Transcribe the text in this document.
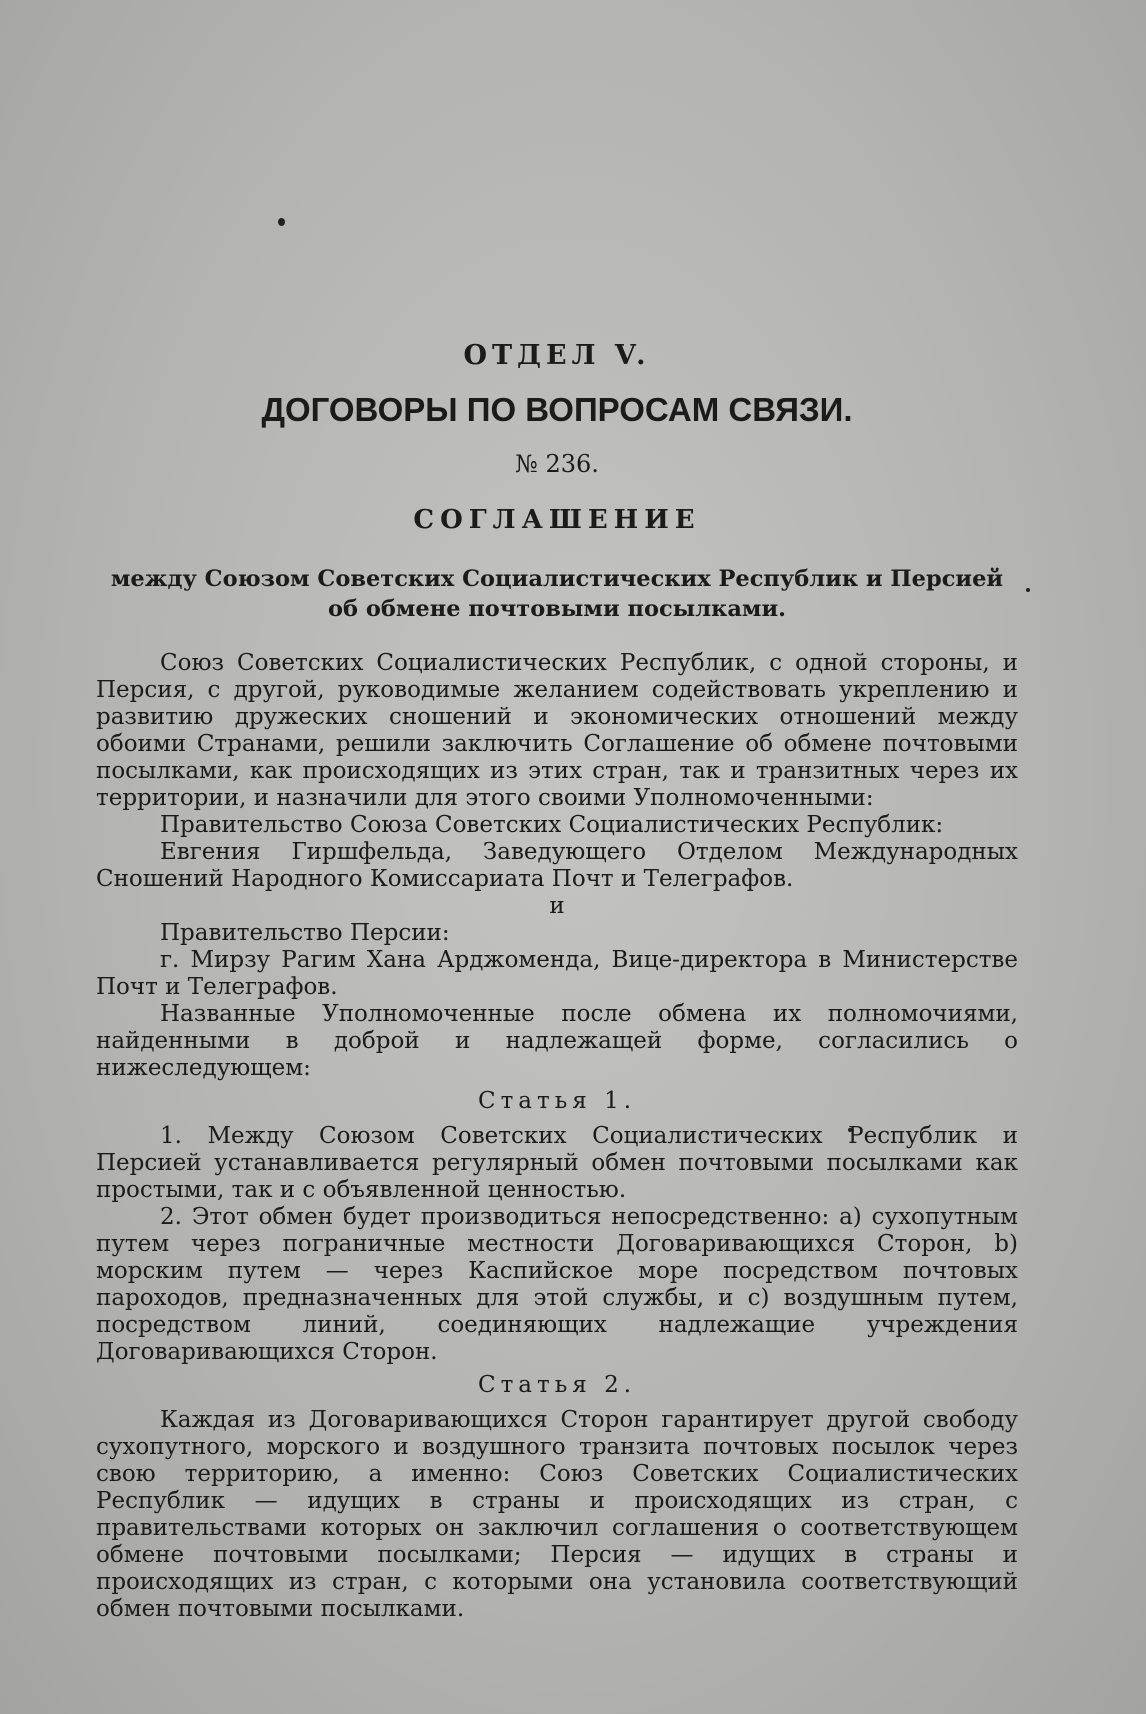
ОТДЕЛ V.
ДОГОВОРЫ ПО ВОПРОСАМ СВЯЗИ.
№ 236.
СОГЛАШЕНИЕ
между Союзом Советских Социалистических Республик и Персией об обмене почтовыми посылками.

Союз Советских Социалистических Республик, с одной стороны, и Персия, с другой, руководимые желанием содействовать укреплению и развитию дружеских сношений и экономических отношений между обоими Странами, решили заключить Соглашение об обмене почтовыми посылками, как происходящих из этих стран, так и транзитных через их территории, и назначили для этого своими Уполномоченными:

Правительство Союза Советских Социалистических Республик:

Евгения Гиршфельда, Заведующего Отделом Международных Сношений Народного Комиссариата Почт и Телеграфов.

и

Правительство Персии:

г. Мирзу Рагим Хана Арджоменда, Вице-директора в Министерстве Почт и Телеграфов.

Названные Уполномоченные после обмена их полномочиями, найденными в доброй и надлежащей форме, согласились о нижеследующем:

Статья 1.

1. Между Союзом Советских Социалистических Республик и Персией устанавливается регулярный обмен почтовыми посылками как простыми, так и с объявленной ценностью.

2. Этот обмен будет производиться непосредственно: а) сухопутным путем через пограничные местности Договаривающихся Сторон, b) морским путем — через Каспийское море посредством почтовых пароходов, предназначенных для этой службы, и с) воздушным путем, посредством линий, соединяющих надлежащие учреждения Договаривающихся Сторон.

Статья 2.

Каждая из Договаривающихся Сторон гарантирует другой свободу сухопутного, морского и воздушного транзита почтовых посылок через свою территорию, а именно: Союз Советских Социалистических Республик — идущих в страны и происходящих из стран, с правительствами которых он заключил соглашения о соответствующем обмене почтовыми посылками; Персия — идущих в страны и происходящих из стран, с которыми она установила соответствующий обмен почтовыми посылками.
